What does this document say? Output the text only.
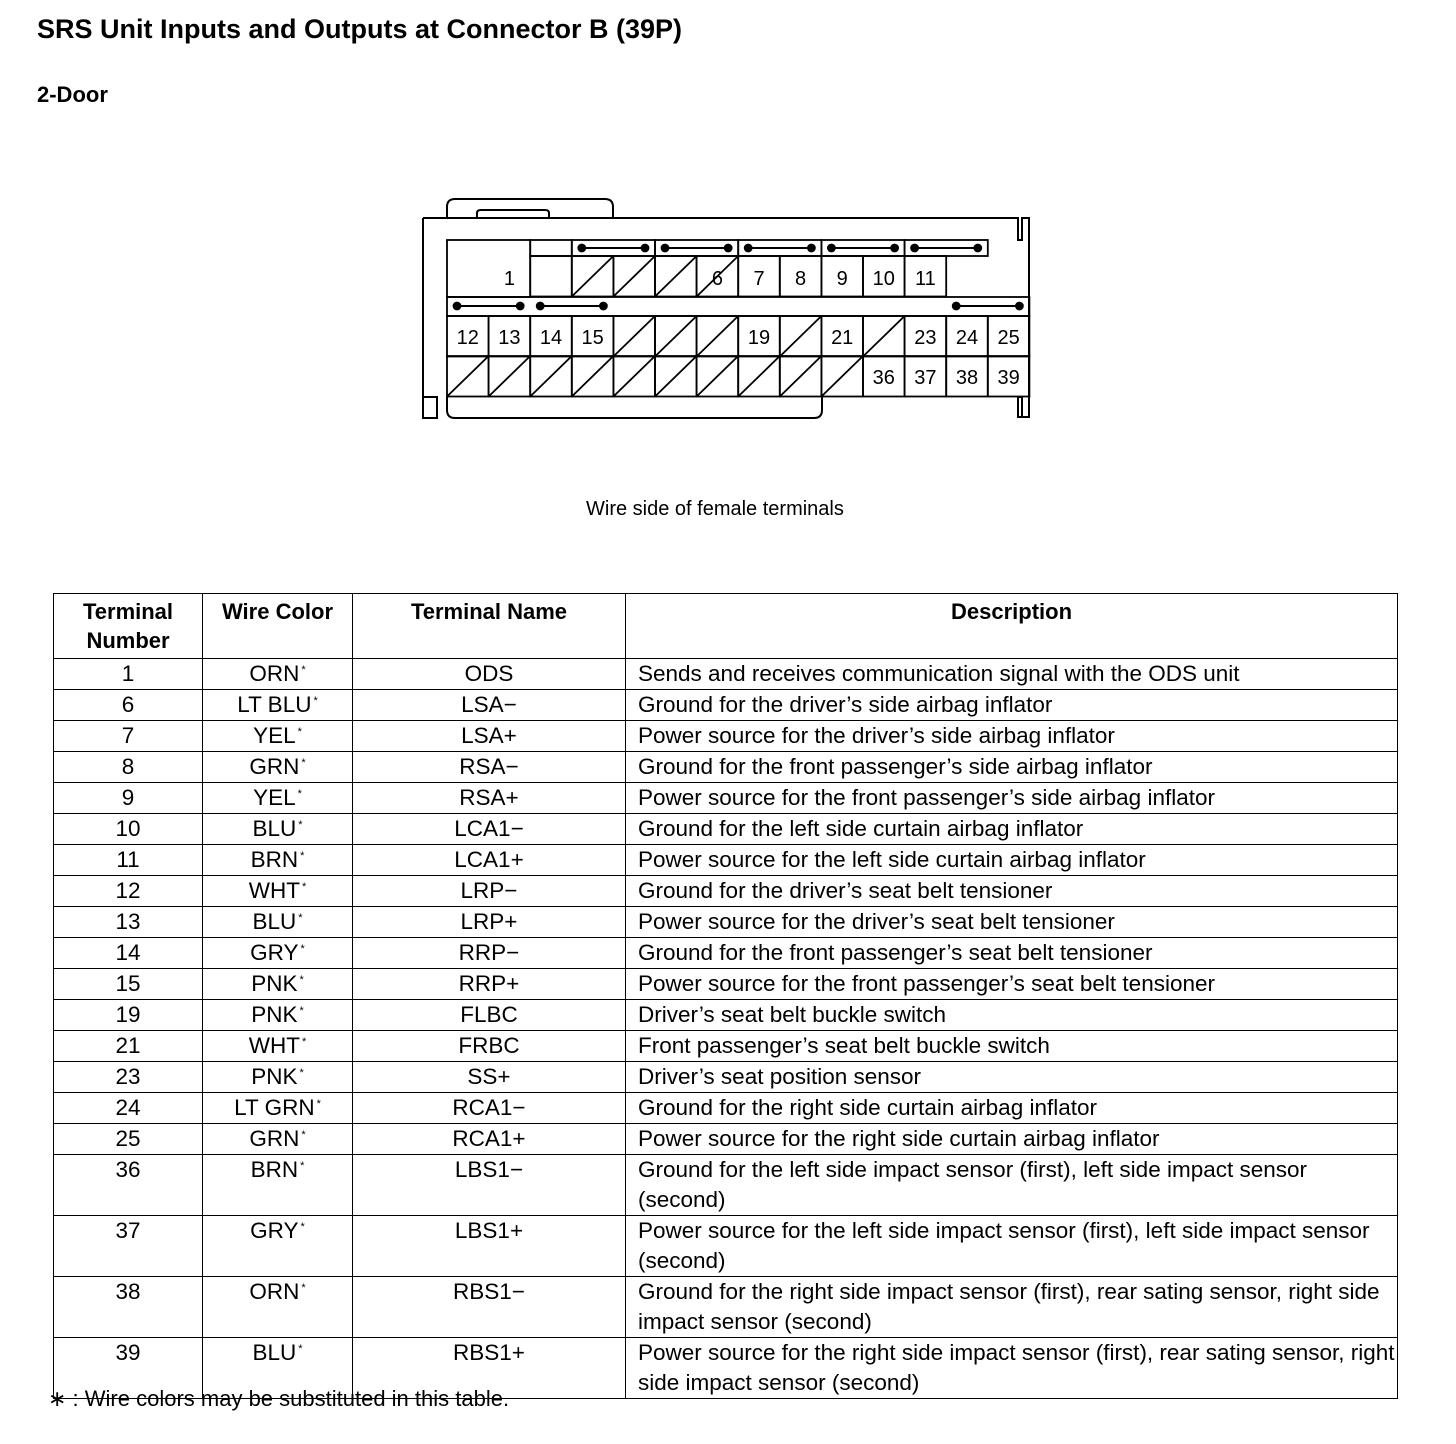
SRS Unit Inputs and Outputs at Connector B (39P)
2-Door
1	6 7 8 9 10 11
12 13 14 15	19	21	23 24 25
36 37 38 39
Wire side of female terminals
Terminal Number	Wire Color	Terminal Name	Description
1	ORN *	ODS	Sends and receives communication signal with the ODS unit
6	LT BLU *	LSA−	Ground for the driver’s side airbag inflator
7	YEL *	LSA+	Power source for the driver’s side airbag inflator
8	GRN *	RSA−	Ground for the front passenger’s side airbag inflator
9	YEL *	RSA+	Power source for the front passenger’s side airbag inflator
10	BLU *	LCA1−	Ground for the left side curtain airbag inflator
11	BRN *	LCA1+	Power source for the left side curtain airbag inflator
12	WHT *	LRP−	Ground for the driver’s seat belt tensioner
13	BLU *	LRP+	Power source for the driver’s seat belt tensioner
14	GRY *	RRP−	Ground for the front passenger’s seat belt tensioner
15	PNK *	RRP+	Power source for the front passenger’s seat belt tensioner
19	PNK *	FLBC	Driver’s seat belt buckle switch
21	WHT *	FRBC	Front passenger’s seat belt buckle switch
23	PNK *	SS+	Driver’s seat position sensor
24	LT GRN *	RCA1−	Ground for the right side curtain airbag inflator
25	GRN *	RCA1+	Power source for the right side curtain airbag inflator
36	BRN *	LBS1−	Ground for the left side impact sensor (first), left side impact sensor (second)
37	GRY *	LBS1+	Power source for the left side impact sensor (first), left side impact sensor (second)
38	ORN *	RBS1−	Ground for the right side impact sensor (first), rear sating sensor, right side impact sensor (second)
39	BLU *	RBS1+	Power source for the right side impact sensor (first), rear sating sensor, right side impact sensor (second)
∗ : Wire colors may be substituted in this table.
